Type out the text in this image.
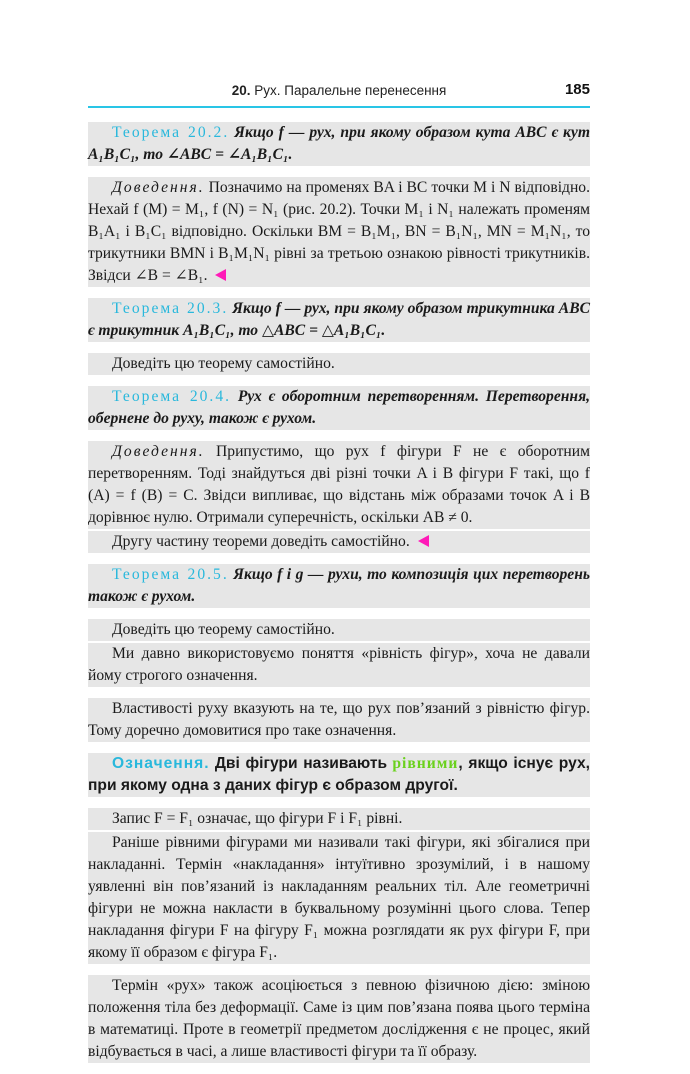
20. Рух. Паралельне перенесення	185
Теорема 20.2. Якщо f — рух, при якому образом кута ABC є кут A₁B₁C₁, то ∠ABC = ∠A₁B₁C₁.
Доведення. Позначимо на променях BA і BC точки M і N відповідно. Нехай f (M) = M₁, f (N) = N₁ (рис. 20.2). Точки M₁ і N₁ належать променям B₁A₁ і B₁C₁ відповідно. Оскільки BM = B₁M₁, BN = B₁N₁, MN = M₁N₁, то трикутники BMN і B₁M₁N₁ рівні за третьою ознакою рівності трикутників. Звідси ∠B = ∠B₁.
Теорема 20.3. Якщо f — рух, при якому образом трикутника ABC є трикутник A₁B₁C₁, то △ABC = △A₁B₁C₁.
Доведіть цю теорему самостійно.
Теорема 20.4. Рух є оборотним перетворенням. Перетворення, обернене до руху, також є рухом.
Доведення. Припустимо, що рух f фігури F не є оборотним перетворенням. Тоді знайдуться дві різні точки A і B фігури F такі, що f (A) = f (B) = C. Звідси випливає, що відстань між образами точок A і B дорівнює нулю. Отримали суперечність, оскільки AB ≠ 0.
Другу частину теореми доведіть самостійно.
Теорема 20.5. Якщо f і g — рухи, то композиція цих перетворень також є рухом.
Доведіть цю теорему самостійно.
Ми давно використовуємо поняття «рівність фігур», хоча не давали йому строгого означення.
Властивості руху вказують на те, що рух пов’язаний з рівністю фігур. Тому доречно домовитися про таке означення.
Означення. Дві фігури називають рівними, якщо існує рух, при якому одна з даних фігур є образом другої.
Запис F = F₁ означає, що фігури F і F₁ рівні.
Раніше рівними фігурами ми називали такі фігури, які збігалися при накладанні. Термін «накладання» інтуїтивно зрозумілий, і в нашому уявленні він пов’язаний із накладанням реальних тіл. Але геометричні фігури не можна накласти в буквальному розумінні цього слова. Тепер накладання фігури F на фігуру F₁ можна розглядати як рух фігури F, при якому її образом є фігура F₁.
Термін «рух» також асоціюється з певною фізичною дією: зміною положення тіла без деформації. Саме із цим пов’язана поява цього терміна в математиці. Проте в геометрії предметом дослідження є не процес, який відбувається в часі, а лише властивості фігури та її образу.
